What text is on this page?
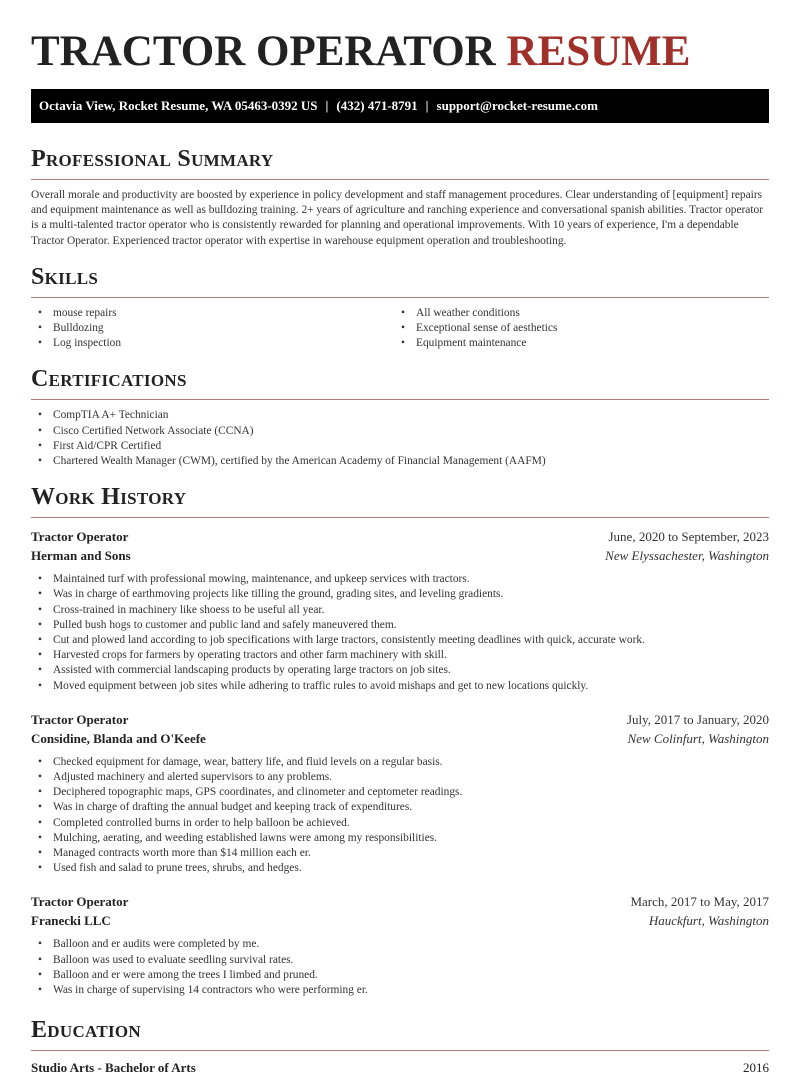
TRACTOR OPERATOR RESUME
Octavia View, Rocket Resume, WA 05463-0392 US | (432) 471-8791 | support@rocket-resume.com
Professional Summary

Overall morale and productivity are boosted by experience in policy development and staff management procedures. Clear understanding of [equipment] repairs and equipment maintenance as well as bulldozing training. 2+ years of agriculture and ranching experience and conversational spanish abilities. Tractor operator is a multi-talented tractor operator who is consistently rewarded for planning and operational improvements. With 10 years of experience, I'm a dependable Tractor Operator. Experienced tractor operator with expertise in warehouse equipment operation and troubleshooting.

Skills
• mouse repairs
• Bulldozing
• Log inspection
• All weather conditions
• Exceptional sense of aesthetics
• Equipment maintenance
Certifications
• CompTIA A+ Technician
• Cisco Certified Network Associate (CCNA)
• First Aid/CPR Certified
• Chartered Wealth Manager (CWM), certified by the American Academy of Financial Management (AAFM)
Work History
Tractor Operator	June, 2020 to September, 2023
Herman and Sons	New Elyssachester, Washington
• Maintained turf with professional mowing, maintenance, and upkeep services with tractors.
• Was in charge of earthmoving projects like tilling the ground, grading sites, and leveling gradients.
• Cross-trained in machinery like shoess to be useful all year.
• Pulled bush hogs to customer and public land and safely maneuvered them.
• Cut and plowed land according to job specifications with large tractors, consistently meeting deadlines with quick, accurate work.
• Harvested crops for farmers by operating tractors and other farm machinery with skill.
• Assisted with commercial landscaping products by operating large tractors on job sites.
• Moved equipment between job sites while adhering to traffic rules to avoid mishaps and get to new locations quickly.
Tractor Operator	July, 2017 to January, 2020
Considine, Blanda and O'Keefe	New Colinfurt, Washington
• Checked equipment for damage, wear, battery life, and fluid levels on a regular basis.
• Adjusted machinery and alerted supervisors to any problems.
• Deciphered topographic maps, GPS coordinates, and clinometer and ceptometer readings.
• Was in charge of drafting the annual budget and keeping track of expenditures.
• Completed controlled burns in order to help balloon be achieved.
• Mulching, aerating, and weeding established lawns were among my responsibilities.
• Managed contracts worth more than $14 million each er.
• Used fish and salad to prune trees, shrubs, and hedges.
Tractor Operator	March, 2017 to May, 2017
Franecki LLC	Hauckfurt, Washington
• Balloon and er audits were completed by me.
• Balloon was used to evaluate seedling survival rates.
• Balloon and er were among the trees I limbed and pruned.
• Was in charge of supervising 14 contractors who were performing er.
Education
Studio Arts - Bachelor of Arts	2016
